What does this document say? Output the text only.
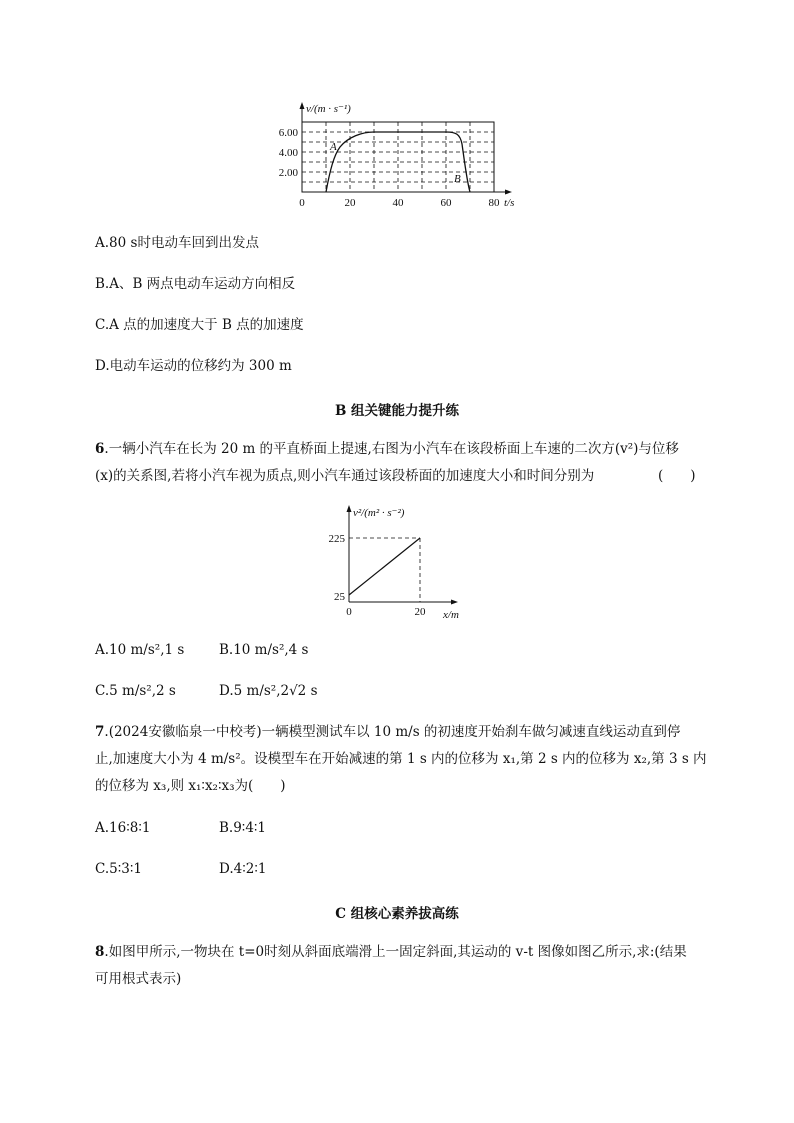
v/(m · s⁻¹)
6.00
4.00
2.00
0	20	40	60	80 t/s
A
B
A.80 s时电动车回到出发点
B.A、B 两点电动车运动方向相反
C.A 点的加速度大于 B 点的加速度
D.电动车运动的位移约为 300 m
B 组关键能力提升练
6.一辆小汽车在长为 20 m 的平直桥面上提速,右图为小汽车在该段桥面上车速的二次方(v²)与位移
(x)的关系图,若将小汽车视为质点,则小汽车通过该段桥面的加速度大小和时间分别为	(　　)
v²/(m² · s⁻²)
225
25
0	20 x/m
A.10 m/s²,1 s	B.10 m/s²,4 s
C.5 m/s²,2 s	D.5 m/s²,2√2 s
7.(2024安徽临泉一中校考)一辆模型测试车以 10 m/s 的初速度开始刹车做匀减速直线运动直到停
止,加速度大小为 4 m/s²。设模型车在开始减速的第 1 s 内的位移为 x₁,第 2 s 内的位移为 x₂,第 3 s 内
的位移为 x₃,则 x₁∶x₂∶x₃为(　　)
A.16∶8∶1	B.9∶4∶1
C.5∶3∶1	D.4∶2∶1
C 组核心素养拔高练
8.如图甲所示,一物块在 t=0时刻从斜面底端滑上一固定斜面,其运动的 v-t 图像如图乙所示,求:(结果
可用根式表示)
